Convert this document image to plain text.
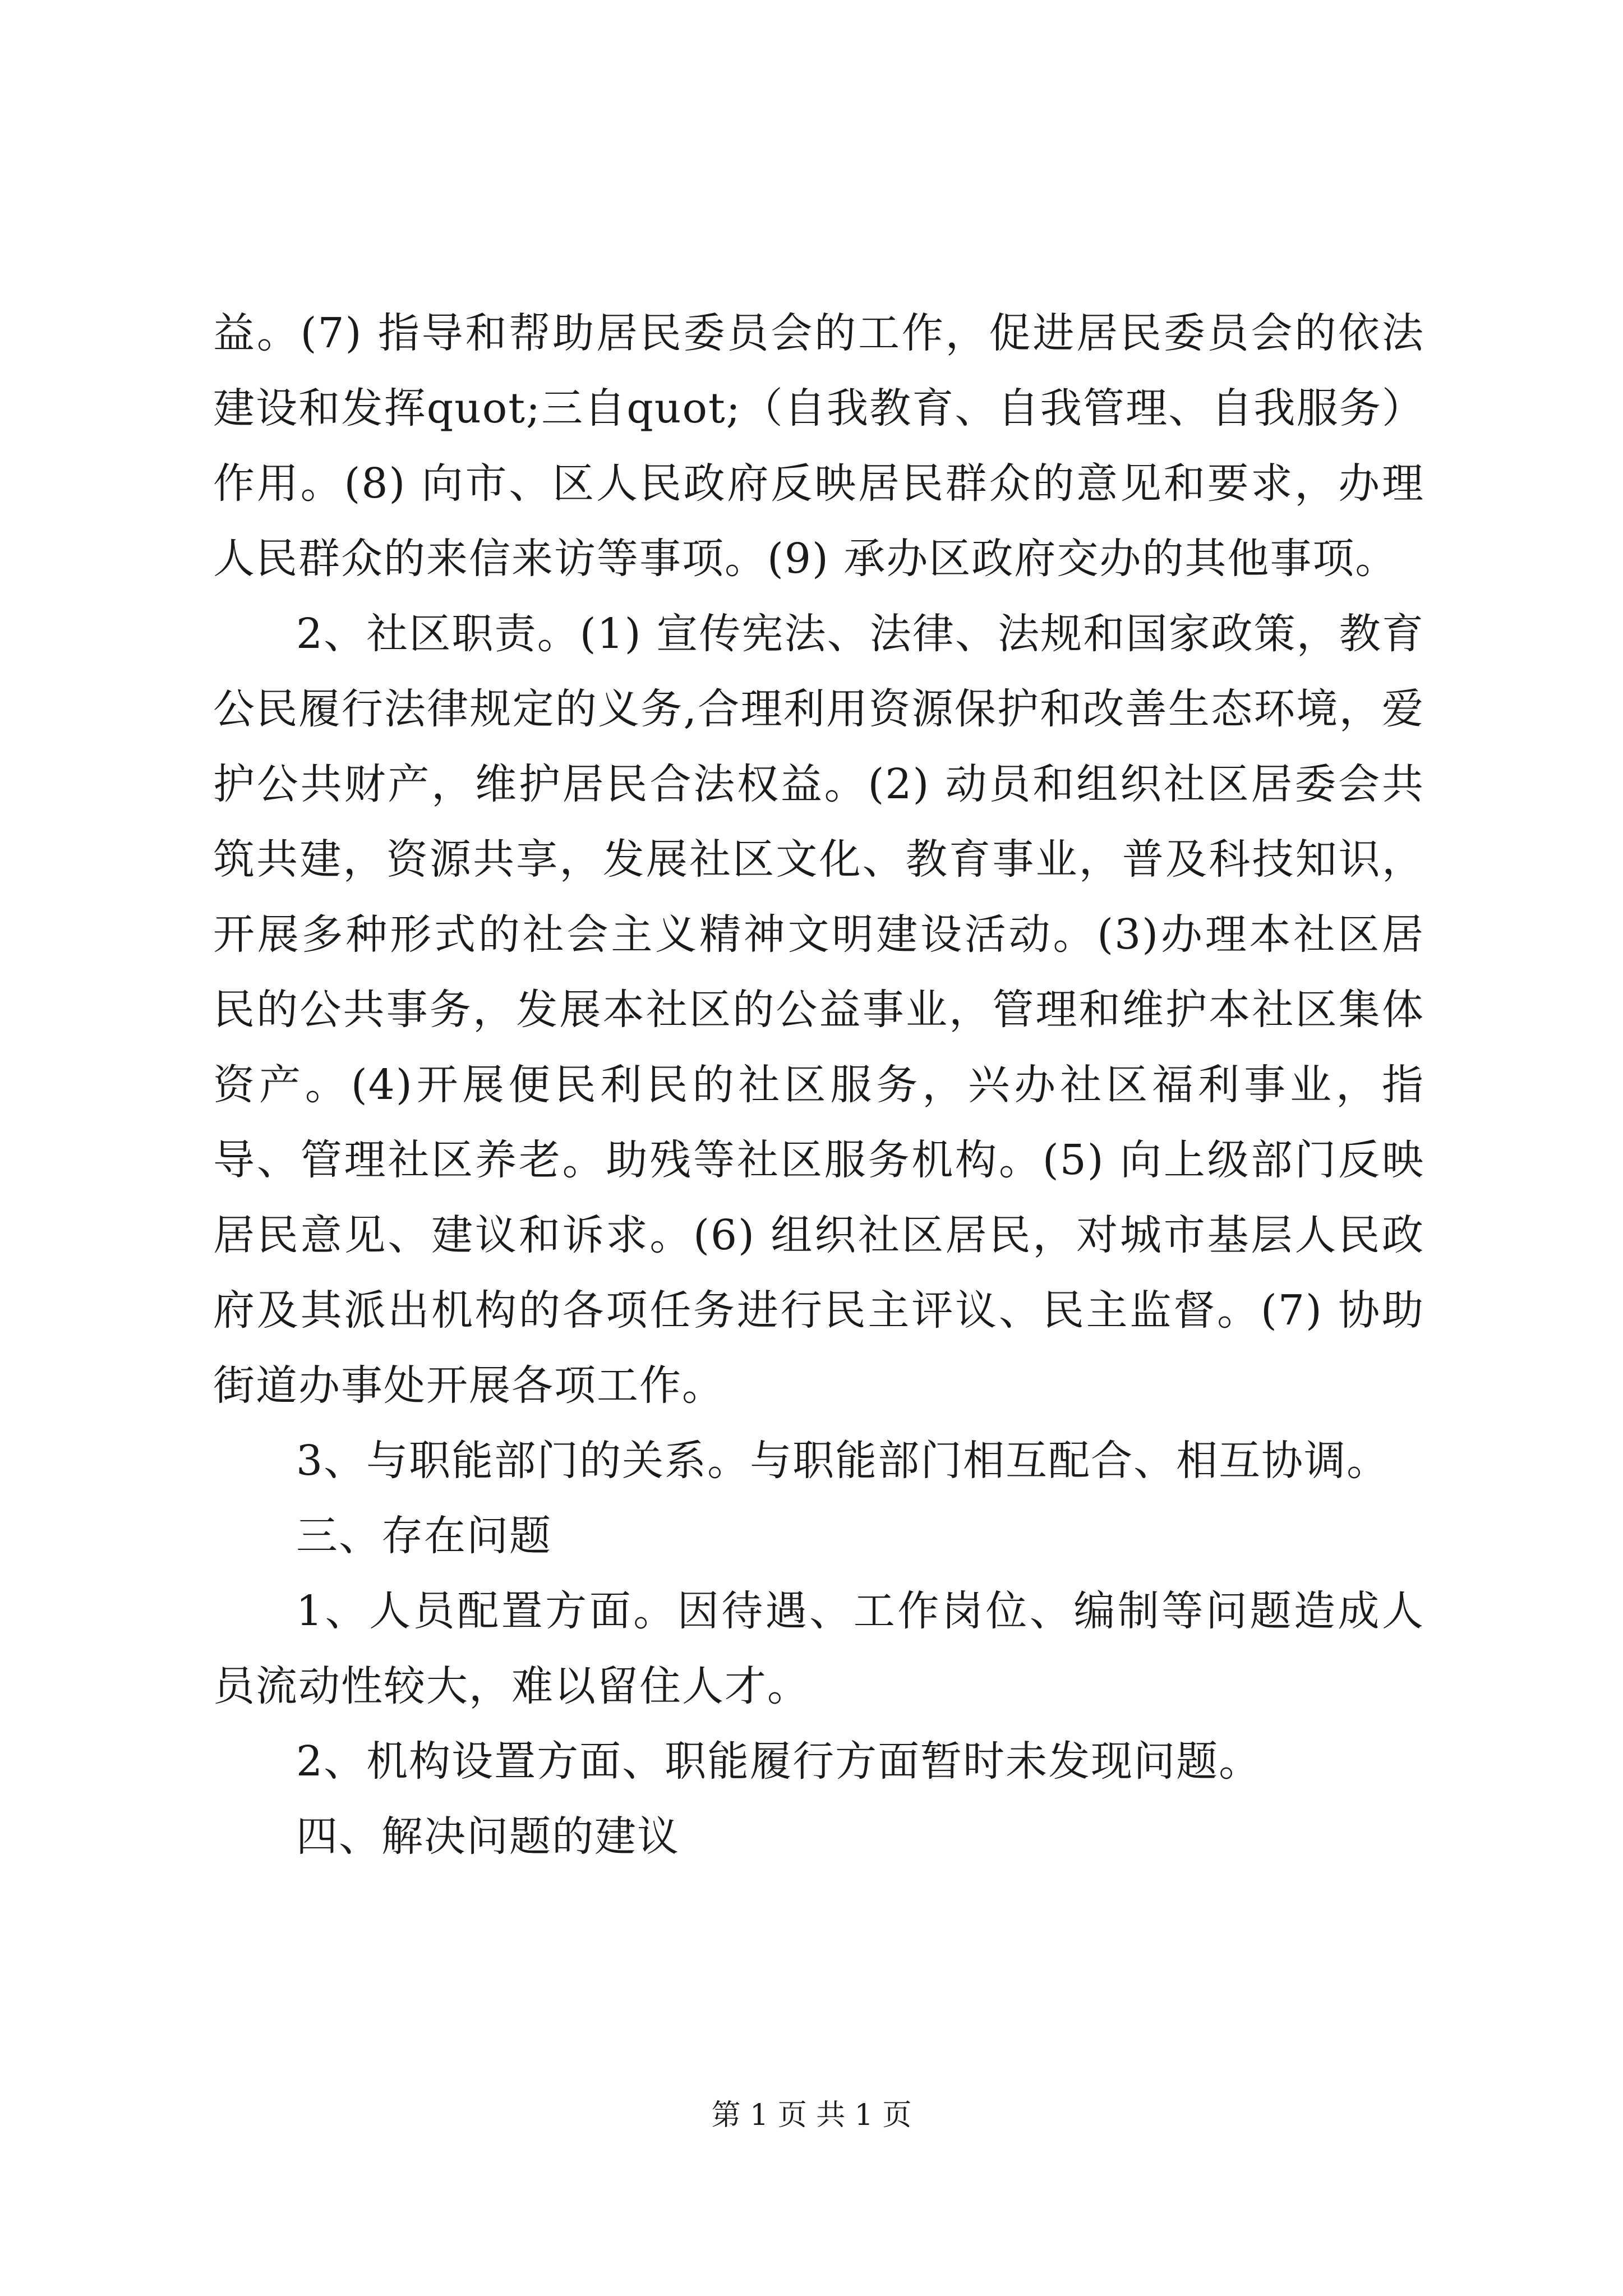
益。(7) 指导和帮助居民委员会的工作，促进居民委员会的依法建设和发挥quot;三自quot;（自我教育、自我管理、自我服务）作用。(8) 向市、区人民政府反映居民群众的意见和要求，办理人民群众的来信来访等事项。(9) 承办区政府交办的其他事项。

2、社区职责。(1) 宣传宪法、法律、法规和国家政策，教育公民履行法律规定的义务,合理利用资源保护和改善生态环境，爱护公共财产，维护居民合法权益。(2) 动员和组织社区居委会共筑共建，资源共享，发展社区文化、教育事业，普及科技知识，开展多种形式的社会主义精神文明建设活动。(3)办理本社区居民的公共事务，发展本社区的公益事业，管理和维护本社区集体资产。(4)开展便民利民的社区服务，兴办社区福利事业，指导、管理社区养老。助残等社区服务机构。(5) 向上级部门反映居民意见、建议和诉求。(6) 组织社区居民，对城市基层人民政府及其派出机构的各项任务进行民主评议、民主监督。(7) 协助街道办事处开展各项工作。

3、与职能部门的关系。与职能部门相互配合、相互协调。

三、存在问题

1、人员配置方面。因待遇、工作岗位、编制等问题造成人员流动性较大，难以留住人才。

2、机构设置方面、职能履行方面暂时未发现问题。

四、解决问题的建议

第 1 页 共 1 页
